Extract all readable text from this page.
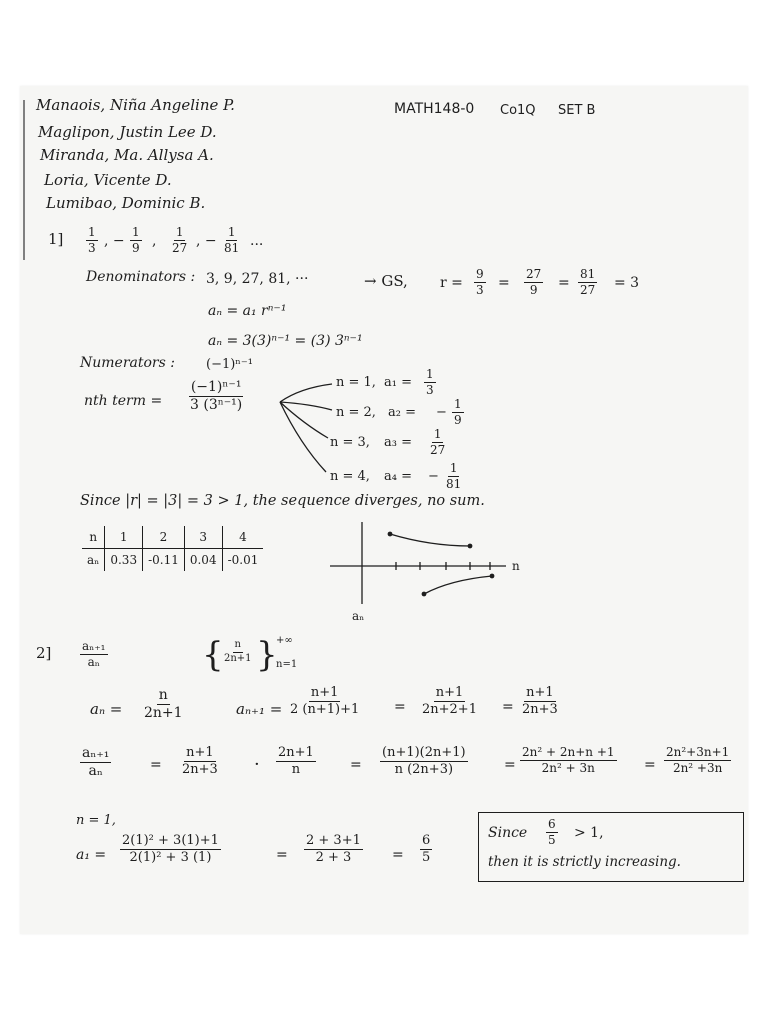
Manaois, Niña Angeline P.
Maglipon, Justin Lee D.
Miranda, Ma. Allysa A.
Loria, Vicente D.
Lumibao, Dominic B.
MATH148-0 Co1Q SET B
$1] \frac{1}{3}$ , − $\frac{1}{9}$ , $\frac{1}{27}$ , − $\frac{1}{81}$ ...
Denominators : 3, 9, 27, 81, ···	→ GS, $r = \frac{9}{3} = \frac{27}{9} = \frac{81}{27} = 3$
aₙ = a₁ rⁿ⁻¹
aₙ = 3(3)ⁿ⁻¹ = (3) 3ⁿ⁻¹
Numerators : (−1)ⁿ⁻¹
nth term = $\frac{\text{(−1)ⁿ⁻¹}}{\text{3 (3ⁿ⁻¹)}}$	n = 1, $a_1 = \frac{1}{3}$
n = 2, a₂ = − $\frac{1}{9}$
n = 3, $a_3 = \frac{1}{27}$
n = 4, a₄ = − $\frac{1}{81}$
Since |r| = |3| = 3 > 1, the sequence diverges, no sum.
n	1	2	3	4
aₙ	0.33	-0.11	0.04	-0.01	n
aₙ
$2] \frac{\text{aₙ₊₁}}{\text{aₙ}}$	{
$\frac{n}{2n+1}$ }
+∞
n=1
$a_n = \frac{n}{2n+1}$	$a_{n+1} = \frac{n+1}{2 (n+1)+1} = \frac{n+1}{2n+2+1} = \frac{n+1}{2n+3}$
$\frac{\text{aₙ₊₁}}{\text{aₙ}}$	= $\frac{n+1}{2n+3} \cdot \frac{2n+1}{n} = \frac{(n+1)(2n+1)}{n (2n+3)}$	= $\frac{\text{2n² + 2n+n +1}}{\text{2n² + 3n}} = \frac{\text{2n²+3n+1}}{\text{2n² +3n}}$
n = 1,
$a_1 = \frac{\text{2(1)² + 3(1)+1}}{\text{2(1)² + 3 (1)}}$	= $\frac{2 + 3+1}{2 + 3} = \frac{6}{5}$
Since $\frac{6}{5} > 1$,
then it is strictly increasing.
